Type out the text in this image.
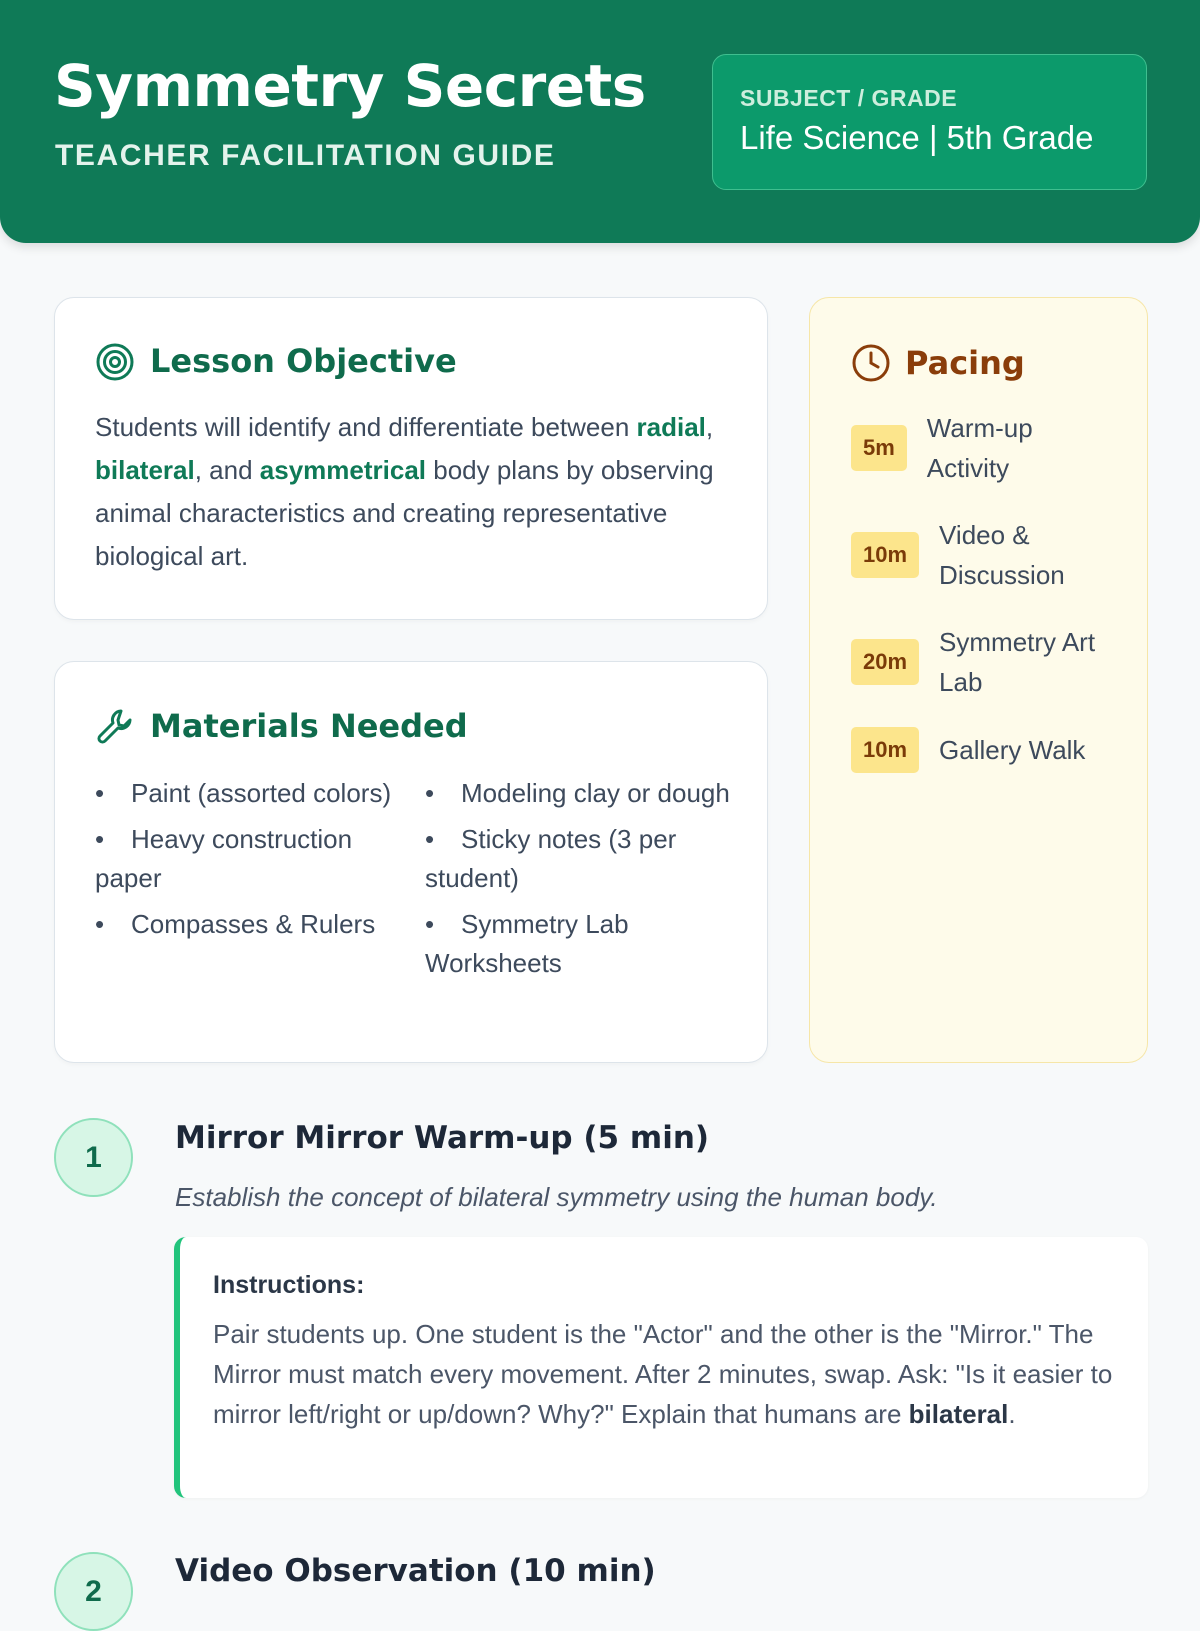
Symmetry Secrets
TEACHER FACILITATION GUIDE
SUBJECT / GRADE
Life Science | 5th Grade
Lesson Objective
Students will identify and differentiate between radial, bilateral, and asymmetrical body plans by observing animal characteristics and creating representative biological art.
Materials Needed
• Paint (assorted colors)
• Heavy construction paper
• Compasses & Rulers
• Modeling clay or dough
• Sticky notes (3 per student)
• Symmetry Lab Worksheets
Pacing
5m
Warm-up Activity
10m
Video & Discussion
20m
Symmetry Art Lab
10m	Gallery Walk
1
Mirror Mirror Warm-up (5 min)
Establish the concept of bilateral symmetry using the human body.
Instructions:
Pair students up. One student is the "Actor" and the other is the "Mirror." The Mirror must match every movement. After 2 minutes, swap. Ask: "Is it easier to mirror left/right or up/down? Why?" Explain that humans are bilateral.
2
Video Observation (10 min)
